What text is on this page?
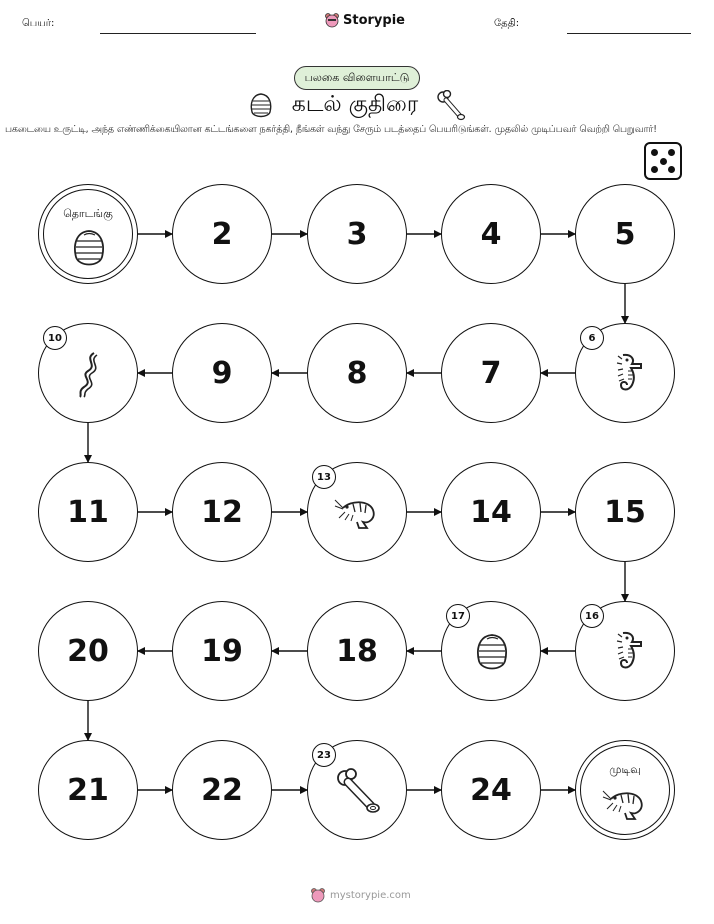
பெயர்:	Storypie	தேதி:
பலகை விளையாட்டு
கடல் குதிரை
பகடையை உருட்டி, அந்த எண்ணிக்கையிலான கட்டங்களை நகர்த்தி, நீங்கள் வந்து சேரும் படத்தைப் பெயரிடுங்கள். முதலில் முடிப்பவர் வெற்றி பெறுவார்!
தொடங்கு
2	3	4	5
6
7
8
9
10
11	12
13
14	15
16
17
18
19
20
21	22
23
24
முடிவு
mystorypie.com
